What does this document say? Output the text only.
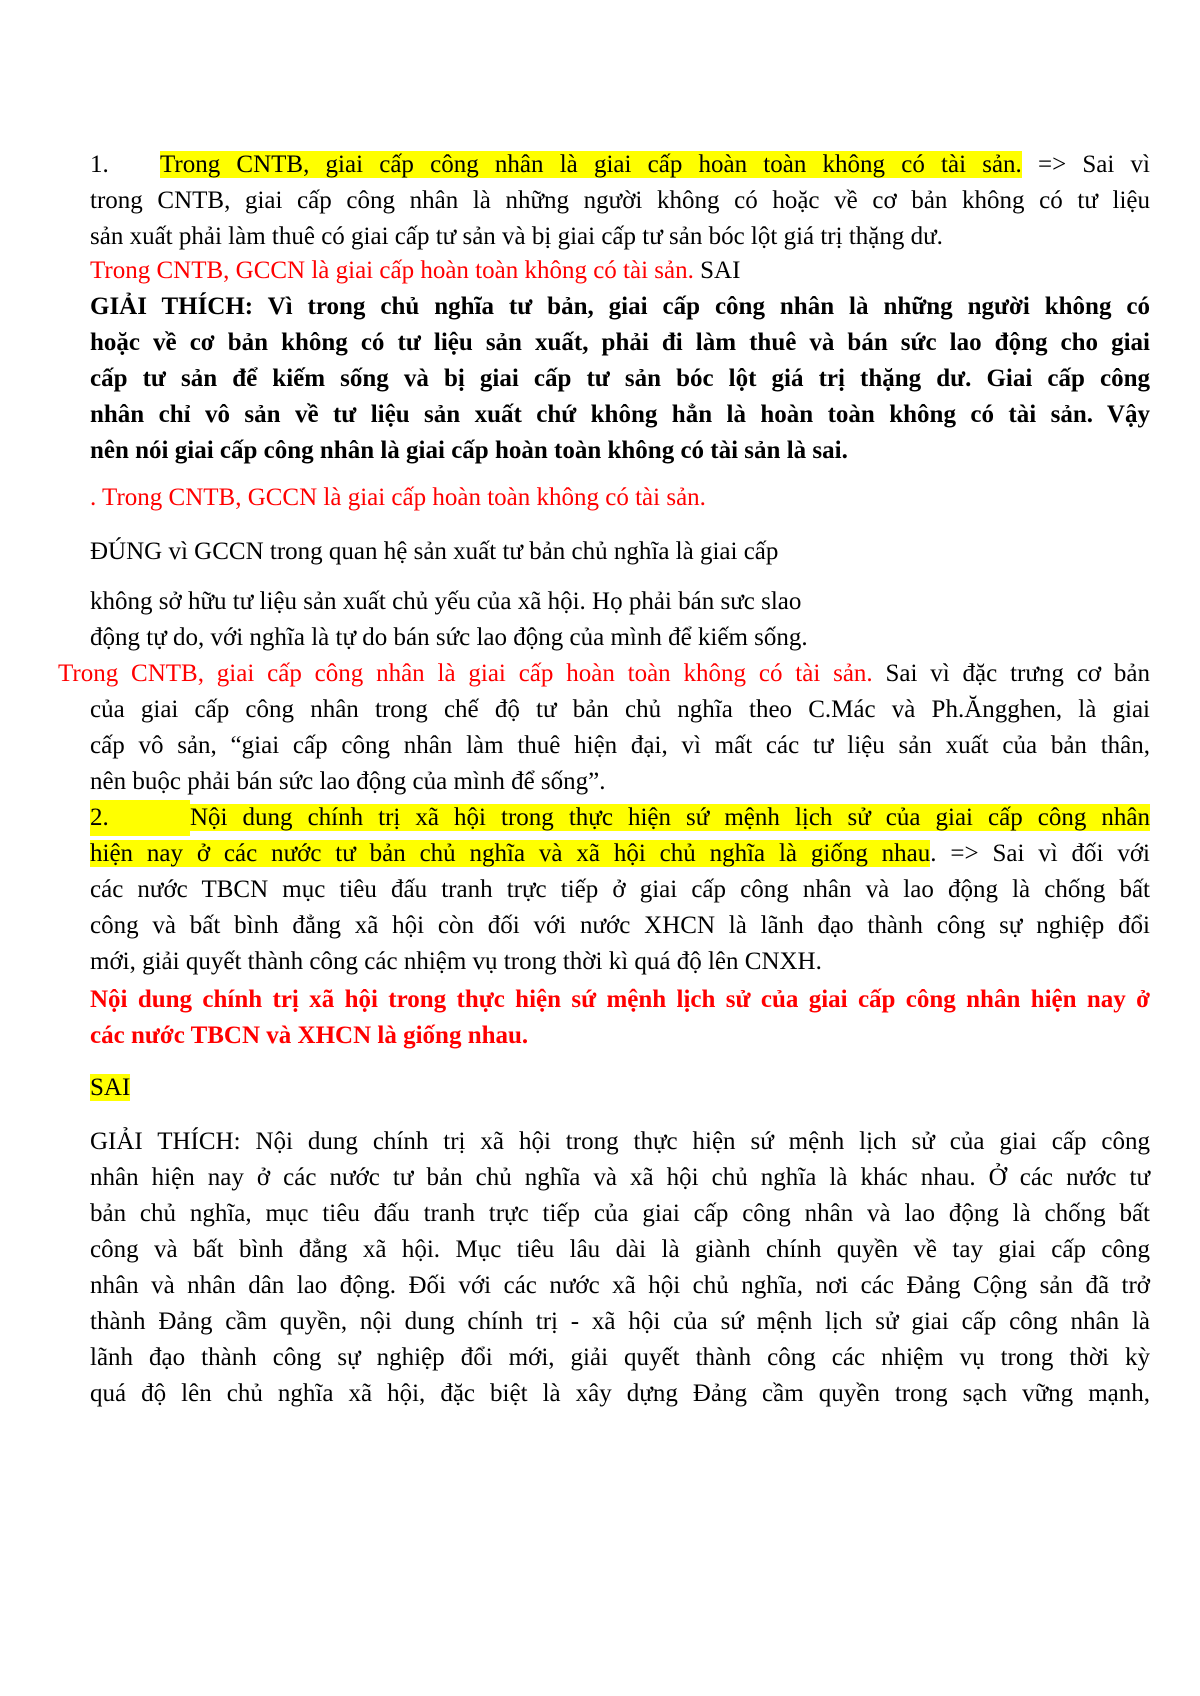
1. Trong CNTB, giai cấp công nhân là giai cấp hoàn toàn không có tài sản. => Sai vì
trong CNTB, giai cấp công nhân là những người không có hoặc về cơ bản không có tư liệu
sản xuất phải làm thuê có giai cấp tư sản và bị giai cấp tư sản bóc lột giá trị thặng dư.
Trong CNTB, GCCN là giai cấp hoàn toàn không có tài sản. SAI
GIẢI THÍCH: Vì trong chủ nghĩa tư bản, giai cấp công nhân là những người không có
hoặc về cơ bản không có tư liệu sản xuất, phải đi làm thuê và bán sức lao động cho giai
cấp tư sản để kiếm sống và bị giai cấp tư sản bóc lột giá trị thặng dư. Giai cấp công
nhân chỉ vô sản về tư liệu sản xuất chứ không hẳn là hoàn toàn không có tài sản. Vậy
nên nói giai cấp công nhân là giai cấp hoàn toàn không có tài sản là sai.
. Trong CNTB, GCCN là giai cấp hoàn toàn không có tài sản.
ĐÚNG vì GCCN trong quan hệ sản xuất tư bản chủ nghĩa là giai cấp
không sở hữu tư liệu sản xuất chủ yếu của xã hội. Họ phải bán sưc slao
động tự do, với nghĩa là tự do bán sức lao động của mình để kiếm sống.
Trong CNTB, giai cấp công nhân là giai cấp hoàn toàn không có tài sản. Sai vì đặc trưng cơ bản
của giai cấp công nhân trong chế độ tư bản chủ nghĩa theo C.Mác và Ph.Ăngghen, là giai
cấp vô sản, “giai cấp công nhân làm thuê hiện đại, vì mất các tư liệu sản xuất của bản thân,
nên buộc phải bán sức lao động của mình để sống”.
2.	Nội dung chính trị xã hội trong thực hiện sứ mệnh lịch sử của giai cấp công nhân
hiện nay ở các nước tư bản chủ nghĩa và xã hội chủ nghĩa là giống nhau. => Sai vì đối với
các nước TBCN mục tiêu đấu tranh trực tiếp ở giai cấp công nhân và lao động là chống bất
công và bất bình đẳng xã hội còn đối với nước XHCN là lãnh đạo thành công sự nghiệp đổi
mới, giải quyết thành công các nhiệm vụ trong thời kì quá độ lên CNXH.
Nội dung chính trị xã hội trong thực hiện sứ mệnh lịch sử của giai cấp công nhân hiện nay ở
các nước TBCN và XHCN là giống nhau.
SAI
GIẢI THÍCH: Nội dung chính trị xã hội trong thực hiện sứ mệnh lịch sử của giai cấp công
nhân hiện nay ở các nước tư bản chủ nghĩa và xã hội chủ nghĩa là khác nhau. Ở các nước tư
bản chủ nghĩa, mục tiêu đấu tranh trực tiếp của giai cấp công nhân và lao động là chống bất
công và bất bình đẳng xã hội. Mục tiêu lâu dài là giành chính quyền về tay giai cấp công
nhân và nhân dân lao động. Đối với các nước xã hội chủ nghĩa, nơi các Đảng Cộng sản đã trở
thành Đảng cầm quyền, nội dung chính trị - xã hội của sứ mệnh lịch sử giai cấp công nhân là
lãnh đạo thành công sự nghiệp đổi mới, giải quyết thành công các nhiệm vụ trong thời kỳ
quá độ lên chủ nghĩa xã hội, đặc biệt là xây dựng Đảng cầm quyền trong sạch vững mạnh,
